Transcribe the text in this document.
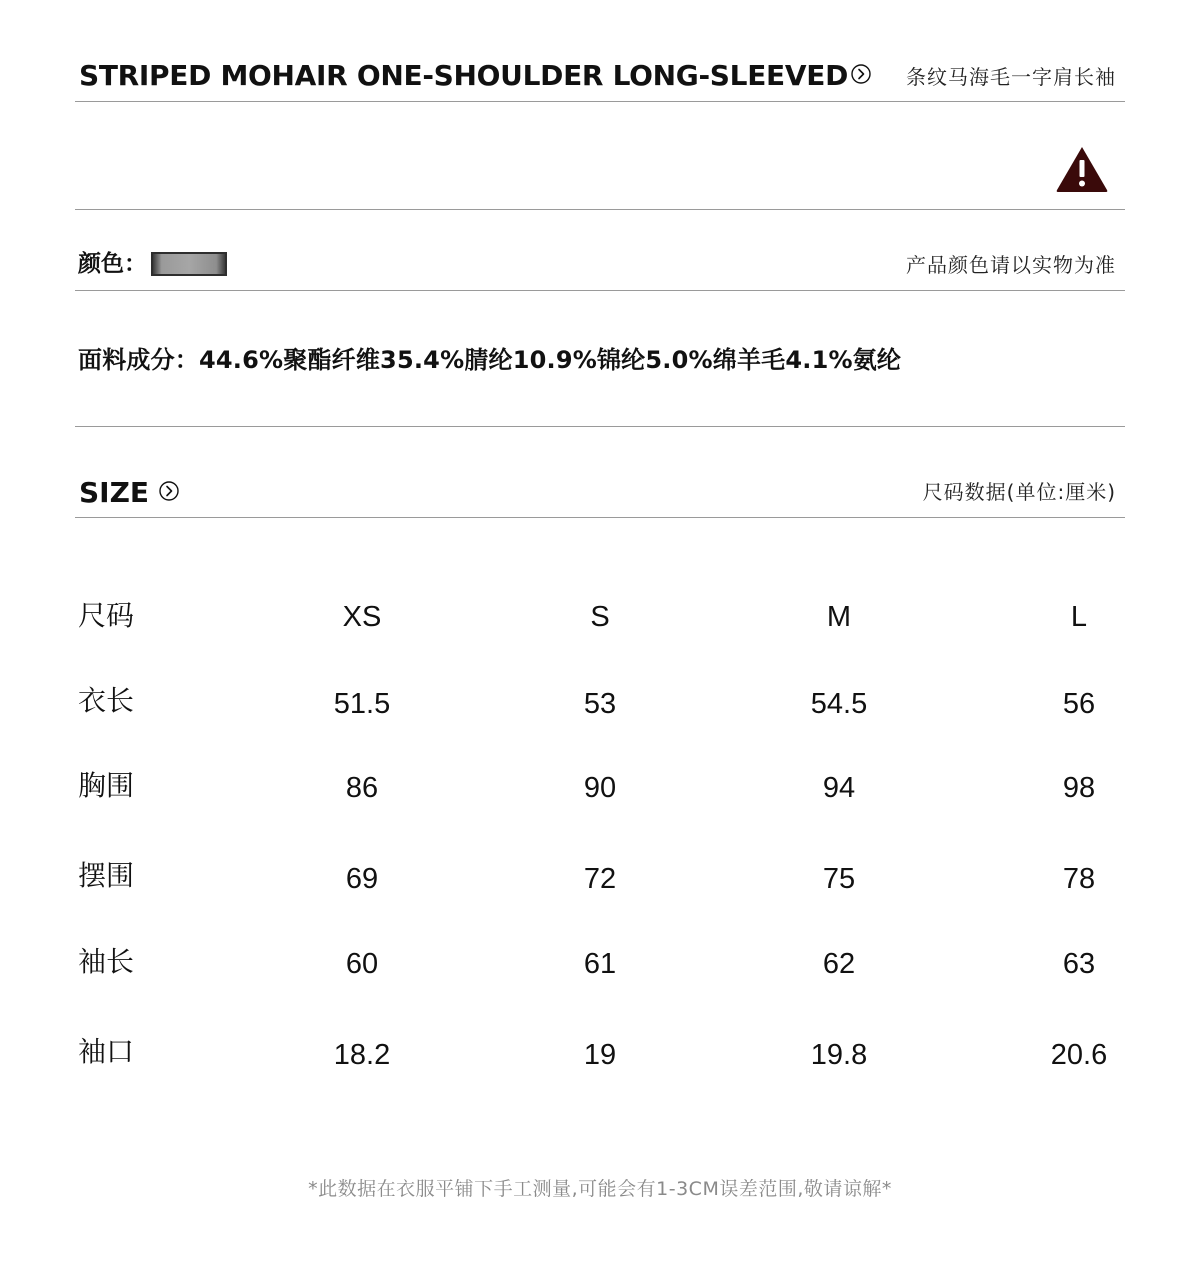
STRIPED MOHAIR ONE-SHOULDER LONG-SLEEVED	条纹马海毛一字肩长袖
颜色：	产品颜色请以实物为准
面料成分：44.6%聚酯纤维35.4%腈纶10.9%锦纶5.0%绵羊毛4.1%氨纶
SIZE	尺码数据(单位:厘米)
尺码	XS	S	M	L
衣长	51.5	53	54.5	56
胸围	86	90	94	98
摆围	69	72	75	78
袖长	60	61	62	63
袖口	18.2	19	19.8	20.6
*此数据在衣服平铺下手工测量,可能会有1-3CM误差范围,敬请谅解*
